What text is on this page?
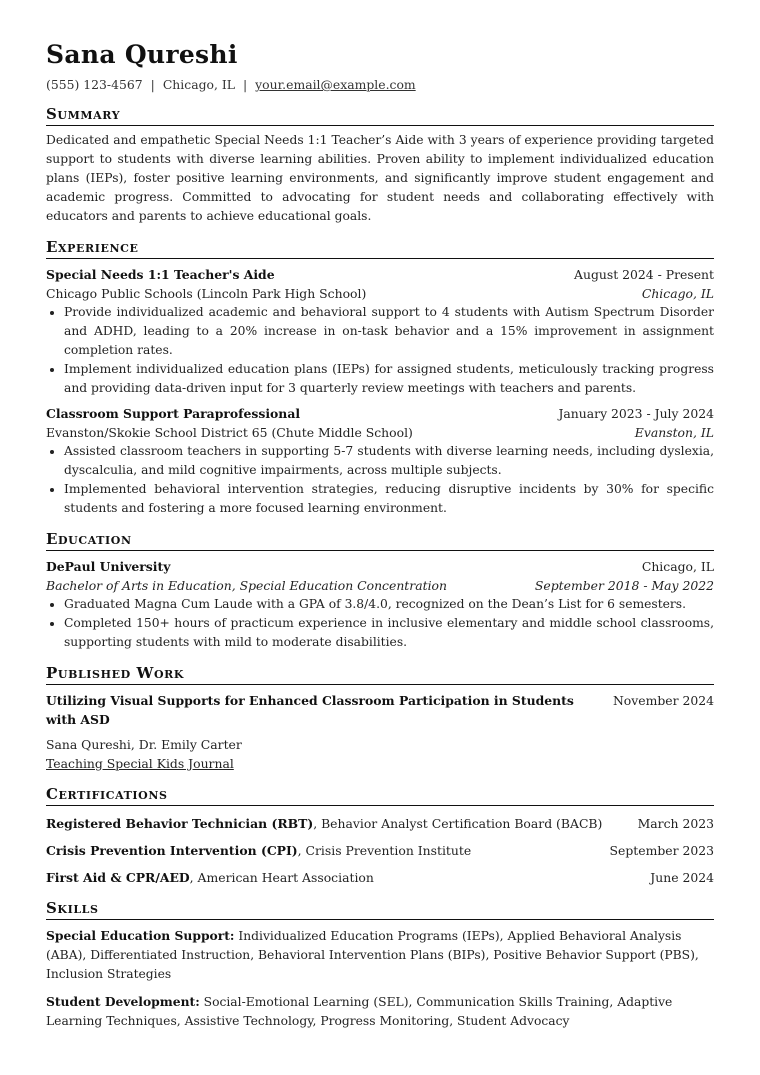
Sana Qureshi
(555) 123-4567 | Chicago, IL | your.email@example.com
Summary
Dedicated and empathetic Special Needs 1:1 Teacher’s Aide with 3 years of experience providing targeted support to students with diverse learning abilities. Proven ability to implement individualized education plans (IEPs), foster positive learning environments, and significantly improve student engagement and academic progress. Committed to advocating for student needs and collaborating effectively with educators and parents to achieve educational goals.
Experience
Special Needs 1:1 Teacher's Aide	August 2024 - Present
Chicago Public Schools (Lincoln Park High School)	Chicago, IL
• Provide individualized academic and behavioral support to 4 students with Autism Spectrum Disorder and ADHD, leading to a 20% increase in on-task behavior and a 15% improvement in assignment completion rates.
• Implement individualized education plans (IEPs) for assigned students, meticulously tracking progress and providing data-driven input for 3 quarterly review meetings with teachers and parents.
Classroom Support Paraprofessional	January 2023 - July 2024
Evanston/Skokie School District 65 (Chute Middle School)	Evanston, IL
• Assisted classroom teachers in supporting 5-7 students with diverse learning needs, including dyslexia, dyscalculia, and mild cognitive impairments, across multiple subjects.
• Implemented behavioral intervention strategies, reducing disruptive incidents by 30% for specific students and fostering a more focused learning environment.
Education
DePaul University	Chicago, IL
Bachelor of Arts in Education, Special Education Concentration	September 2018 - May 2022
• Graduated Magna Cum Laude with a GPA of 3.8/4.0, recognized on the Dean’s List for 6 semesters.
• Completed 150+ hours of practicum experience in inclusive elementary and middle school classrooms, supporting students with mild to moderate disabilities.
Published Work
Utilizing Visual Supports for Enhanced Classroom Participation in Students with ASD
November 2024
Sana Qureshi, Dr. Emily Carter
Teaching Special Kids Journal
Certifications
Registered Behavior Technician (RBT), Behavior Analyst Certification Board (BACB)	March 2023
Crisis Prevention Intervention (CPI), Crisis Prevention Institute	September 2023
First Aid & CPR/AED, American Heart Association	June 2024
Skills
Special Education Support: Individualized Education Programs (IEPs), Applied Behavioral Analysis (ABA), Differentiated Instruction, Behavioral Intervention Plans (BIPs), Positive Behavior Support (PBS), Inclusion Strategies
Student Development: Social-Emotional Learning (SEL), Communication Skills Training, Adaptive Learning Techniques, Assistive Technology, Progress Monitoring, Student Advocacy
